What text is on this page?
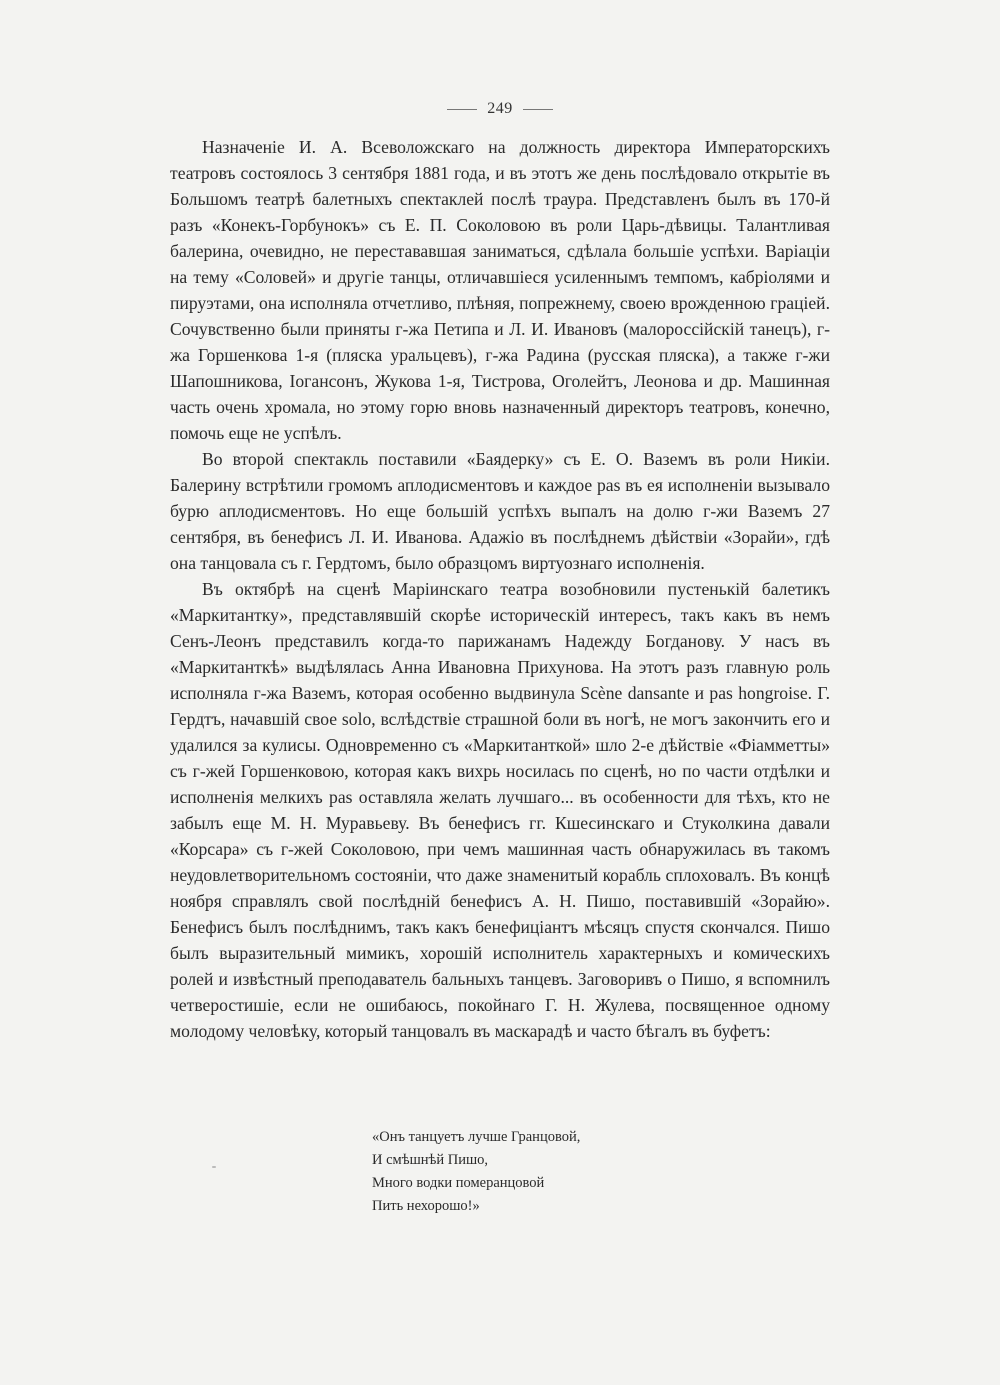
249

Назначеніе И. А. Всеволожскаго на должность директора Императорскихъ театровъ состоялось 3 сентября 1881 года, и въ этотъ же день послѣдовало открытіе въ Большомъ театрѣ балетныхъ спектаклей послѣ траура. Представленъ былъ въ 170-й разъ «Конекъ-Горбунокъ» съ Е. П. Соколовою въ роли Царь-дѣвицы. Талантливая балерина, очевидно, не перестававшая заниматься, сдѣлала большіе успѣхи. Варіаціи на тему «Соловей» и другіе танцы, отличавшіеся усиленнымъ темпомъ, кабріолями и пируэтами, она исполняла отчетливо, плѣняя, попрежнему, своею врожденною граціей. Сочувственно были приняты г-жа Петипа и Л. И. Ивановъ (малороссійскій танецъ), г-жа Горшенкова 1-я (пляска уральцевъ), г-жа Радина (русская пляска), а также г-жи Шапошникова, Іогансонъ, Жукова 1-я, Тистрова, Оголейтъ, Леонова и др. Машинная часть очень хромала, но этому горю вновь назначенный директоръ театровъ, конечно, помочь еще не успѣлъ.

Во второй спектакль поставили «Баядерку» съ Е. О. Ваземъ въ роли Никіи. Балерину встрѣтили громомъ аплодисментовъ и каждое pas въ ея исполненіи вызывало бурю аплодисментовъ. Но еще большій успѣхъ выпалъ на долю г-жи Ваземъ 27 сентября, въ бенефисъ Л. И. Иванова. Адажіо въ послѣднемъ дѣйствіи «Зорайи», гдѣ она танцовала съ г. Гердтомъ, было образцомъ виртуознаго исполненія.

Въ октябрѣ на сценѣ Маріинскаго театра возобновили пустенькій балетикъ «Маркитантку», представлявшій скорѣе историческій интересъ, такъ какъ въ немъ Сенъ-Леонъ представилъ когда-то парижанамъ Надежду Богданову. У насъ въ «Маркитанткѣ» выдѣлялась Анна Ивановна Прихунова. На этотъ разъ главную роль исполняла г-жа Ваземъ, которая особенно выдвинула Scène dansante и pas hongroise. Г. Гердтъ, начавшій свое solo, вслѣдствіе страшной боли въ ногѣ, не могъ закончить его и удалился за кулисы. Одновременно съ «Маркитанткой» шло 2-е дѣйствіе «Фіамметты» съ г-жей Горшенковою, которая какъ вихрь носилась по сценѣ, но по части отдѣлки и исполненія мелкихъ pas оставляла желать лучшаго... въ особенности для тѣхъ, кто не забылъ еще М. Н. Муравьеву. Въ бенефисъ гг. Кшесинскаго и Стуколкина давали «Корсара» съ г-жей Соколовою, при чемъ машинная часть обнаружилась въ такомъ неудовлетворительномъ состояніи, что даже знаменитый корабль сплоховалъ. Въ концѣ ноября справлялъ свой послѣдній бенефисъ А. Н. Пишо, поставившій «Зорайю». Бенефисъ былъ послѣднимъ, такъ какъ бенефиціантъ мѣсяцъ спустя скончался. Пишо былъ выразительный мимикъ, хорошій исполнитель характерныхъ и комическихъ ролей и извѣстный преподаватель бальныхъ танцевъ. Заговоривъ о Пишо, я вспомнилъ четверостишіе, если не ошибаюсь, покойнаго Г. Н. Жулева, посвященное одному молодому человѣку, который танцовалъ въ маскарадѣ и часто бѣгалъ въ буфетъ:

«Онъ танцуетъ лучше Гранцовой,
И смѣшнѣй Пишо,
Много водки померанцовой
Пить нехорошо!»
